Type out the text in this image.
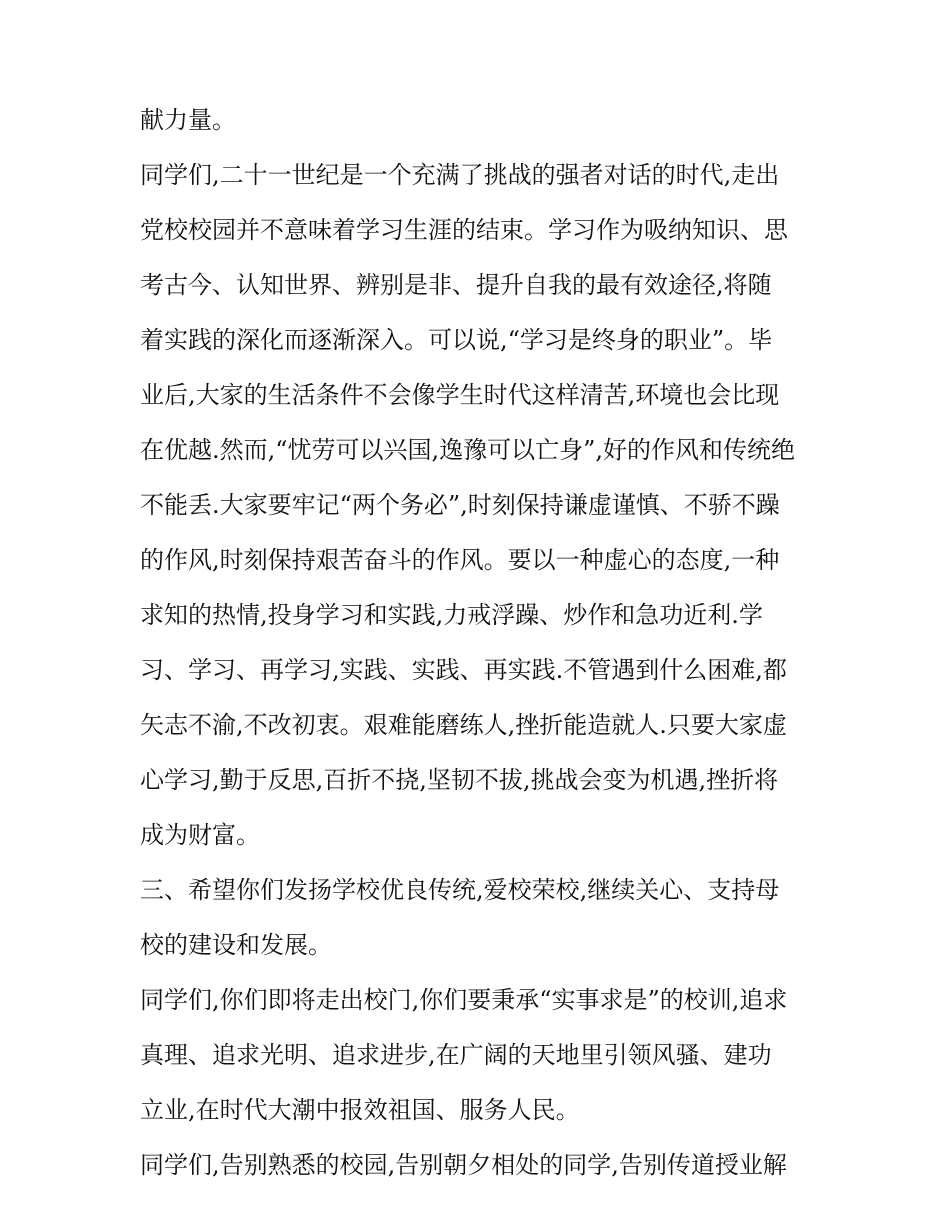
献力量。
同学们,二十一世纪是一个充满了挑战的强者对话的时代,走出
党校校园并不意味着学习生涯的结束。学习作为吸纳知识、思
考古今、认知世界、辨别是非、提升自我的最有效途径,将随
着实践的深化而逐渐深入。可以说,“学习是终身的职业”。毕
业后,大家的生活条件不会像学生时代这样清苦,环境也会比现
在优越.然而,“忧劳可以兴国,逸豫可以亡身”,好的作风和传统绝
不能丢.大家要牢记“两个务必”,时刻保持谦虚谨慎、不骄不躁
的作风,时刻保持艰苦奋斗的作风。要以一种虚心的态度,一种
求知的热情,投身学习和实践,力戒浮躁、炒作和急功近利.学
习、学习、再学习,实践、实践、再实践.不管遇到什么困难,都
矢志不渝,不改初衷。艰难能磨练人,挫折能造就人.只要大家虚
心学习,勤于反思,百折不挠,坚韧不拔,挑战会变为机遇,挫折将
成为财富。
三、希望你们发扬学校优良传统,爱校荣校,继续关心、支持母
校的建设和发展。
同学们,你们即将走出校门,你们要秉承“实事求是”的校训,追求
真理、追求光明、追求进步,在广阔的天地里引领风骚、建功
立业,在时代大潮中报效祖国、服务人民。
同学们,告别熟悉的校园,告别朝夕相处的同学,告别传道授业解
